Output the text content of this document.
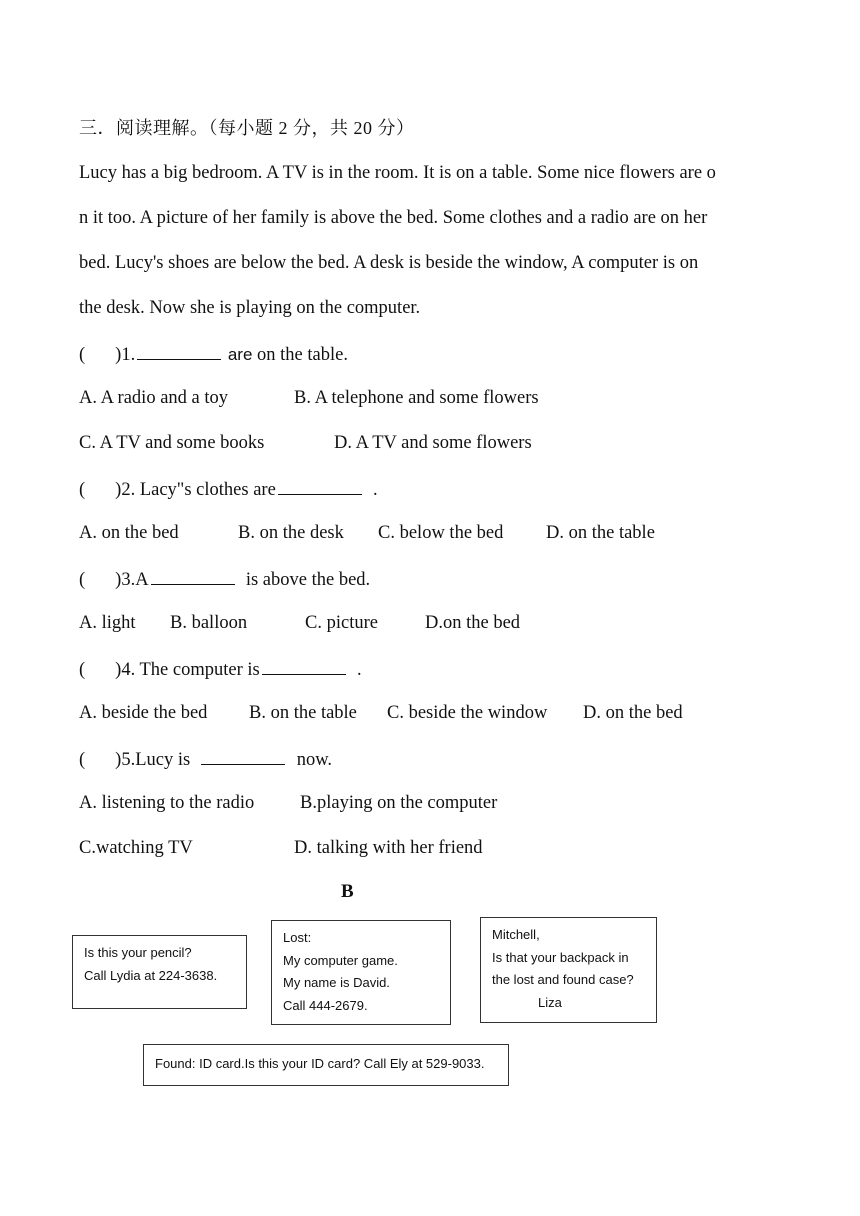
三．阅读理解。（每小题 2 分，共 20 分）
Lucy has a big bedroom. A TV is in the room. It is on a table. Some nice flowers are o
n it too. A picture of her family is above the bed. Some clothes and a radio are on her
bed. Lucy's shoes are below the bed. A desk is beside the window, A computer is on
the desk. Now she is playing on the computer.
( )1.	are on the table.
A. A radio and a toy	B. A telephone and some flowers
C. A TV and some books	D. A TV and some flowers
( )2. Lacy"s clothes are	.
A. on the bed	B. on the desk C. below the bed D. on the table
( )3.A	is above the bed.
A. light B. balloon	C. picture	D.on the bed
( )4. The computer is	.
A. beside the bed B. on the table C. beside the window D. on the bed
( )5.Lucy is	now.
A. listening to the radio B.playing on the computer
C.watching TV	D. talking with her friend
B
Is this your pencil?
Call Lydia at 224-3638.
Lost:
My computer game.
My name is David.
Call 444-2679.
Mitchell,
Is that your backpack in
the lost and found case?
Liza
Found: ID card.Is this your ID card? Call Ely at 529-9033.
